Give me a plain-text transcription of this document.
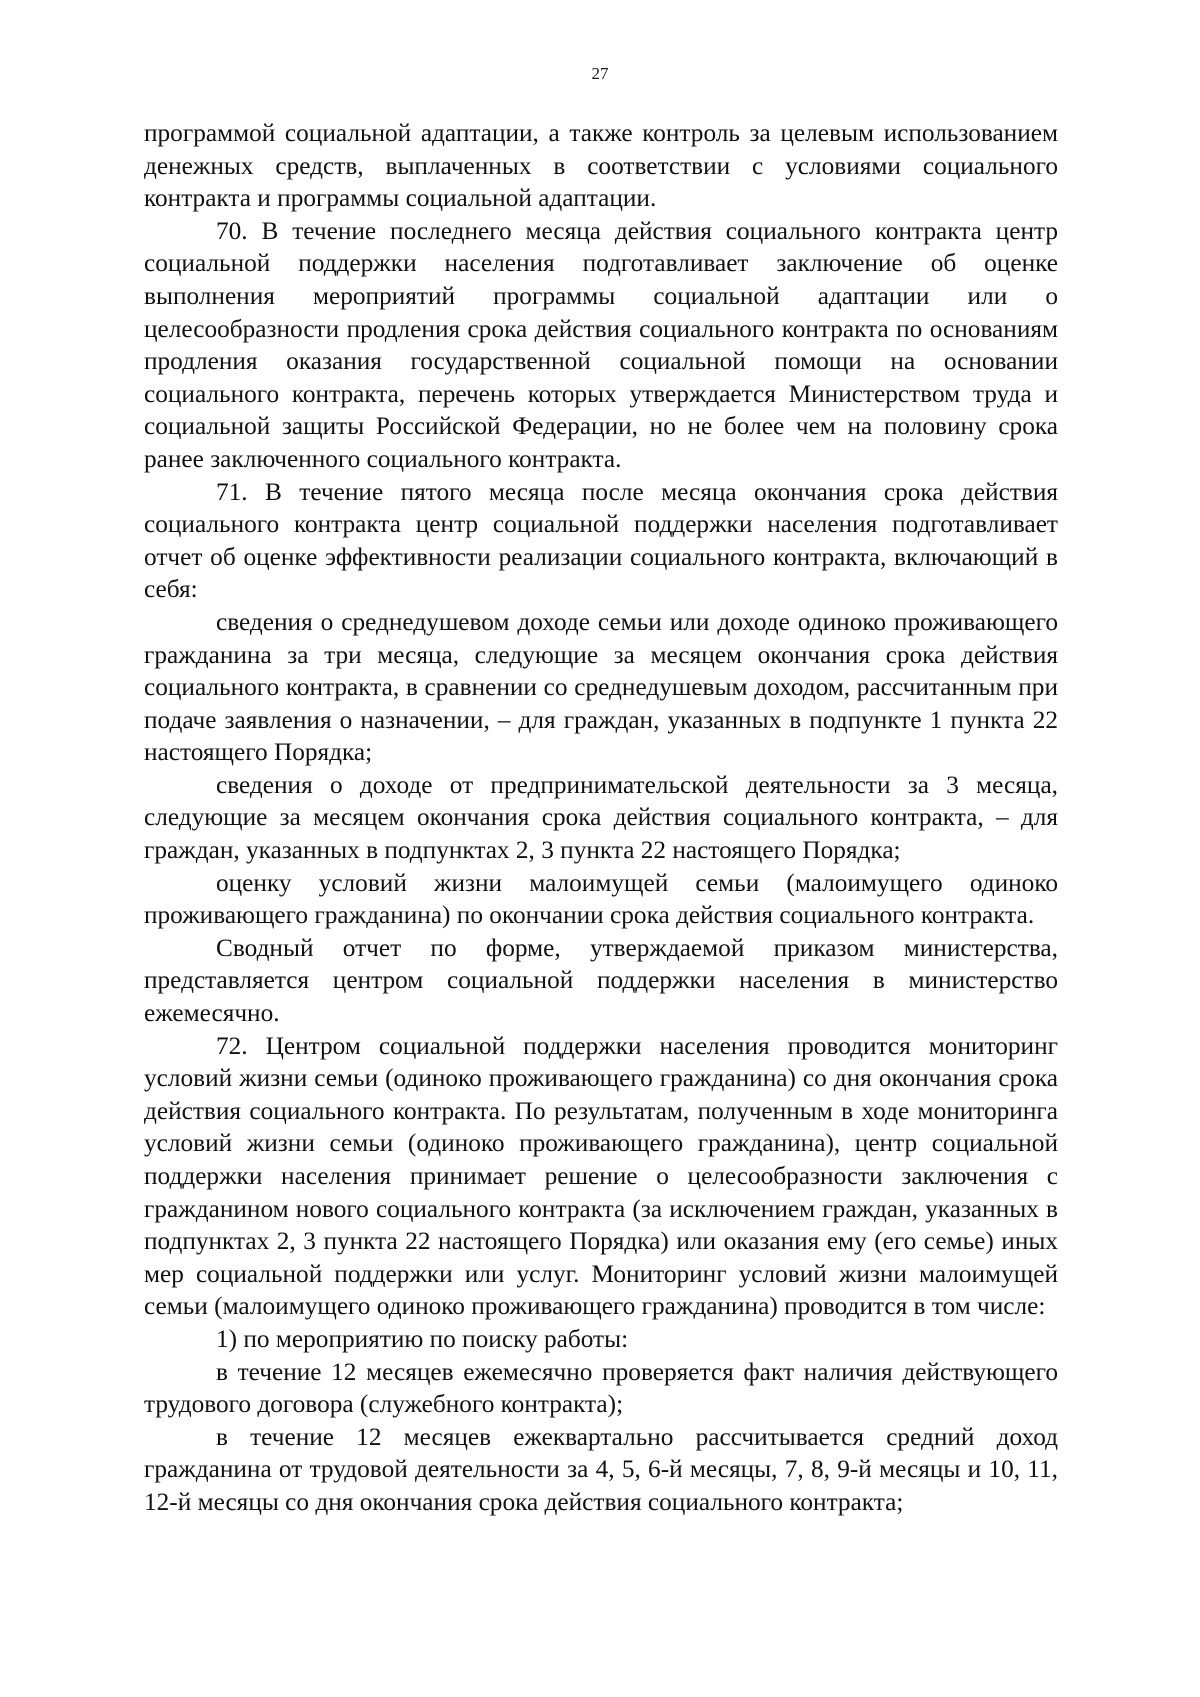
27

программой социальной адаптации, а также контроль за целевым использованием денежных средств, выплаченных в соответствии с условиями социального контракта и программы социальной адаптации.

70. В течение последнего месяца действия социального контракта центр социальной поддержки населения подготавливает заключение об оценке выполнения мероприятий программы социальной адаптации или о целесообразности продления срока действия социального контракта по основаниям продления оказания государственной социальной помощи на основании социального контракта, перечень которых утверждается Министерством труда и социальной защиты Российской Федерации, но не более чем на половину срока ранее заключенного социального контракта.

71. В течение пятого месяца после месяца окончания срока действия социального контракта центр социальной поддержки населения подготавливает отчет об оценке эффективности реализации социального контракта, включающий в себя:

сведения о среднедушевом доходе семьи или доходе одиноко проживающего гражданина за три месяца, следующие за месяцем окончания срока действия социального контракта, в сравнении со среднедушевым доходом, рассчитанным при подаче заявления о назначении, – для граждан, указанных в подпункте 1 пункта 22 настоящего Порядка;

сведения о доходе от предпринимательской деятельности за 3 месяца, следующие за месяцем окончания срока действия социального контракта, – для граждан, указанных в подпунктах 2, 3 пункта 22 настоящего Порядка;

оценку условий жизни малоимущей семьи (малоимущего одиноко проживающего гражданина) по окончании срока действия социального контракта.

Сводный отчет по форме, утверждаемой приказом министерства, представляется центром социальной поддержки населения в министерство ежемесячно.

72. Центром социальной поддержки населения проводится мониторинг условий жизни семьи (одиноко проживающего гражданина) со дня окончания срока действия социального контракта. По результатам, полученным в ходе мониторинга условий жизни семьи (одиноко проживающего гражданина), центр социальной поддержки населения принимает решение о целесообразности заключения с гражданином нового социального контракта (за исключением граждан, указанных в подпунктах 2, 3 пункта 22 настоящего Порядка) или оказания ему (его семье) иных мер социальной поддержки или услуг. Мониторинг условий жизни малоимущей семьи (малоимущего одиноко проживающего гражданина) проводится в том числе:

1) по мероприятию по поиску работы:

в течение 12 месяцев ежемесячно проверяется факт наличия действующего трудового договора (служебного контракта);

в течение 12 месяцев ежеквартально рассчитывается средний доход гражданина от трудовой деятельности за 4, 5, 6-й месяцы, 7, 8, 9-й месяцы и 10, 11, 12-й месяцы со дня окончания срока действия социального контракта;
